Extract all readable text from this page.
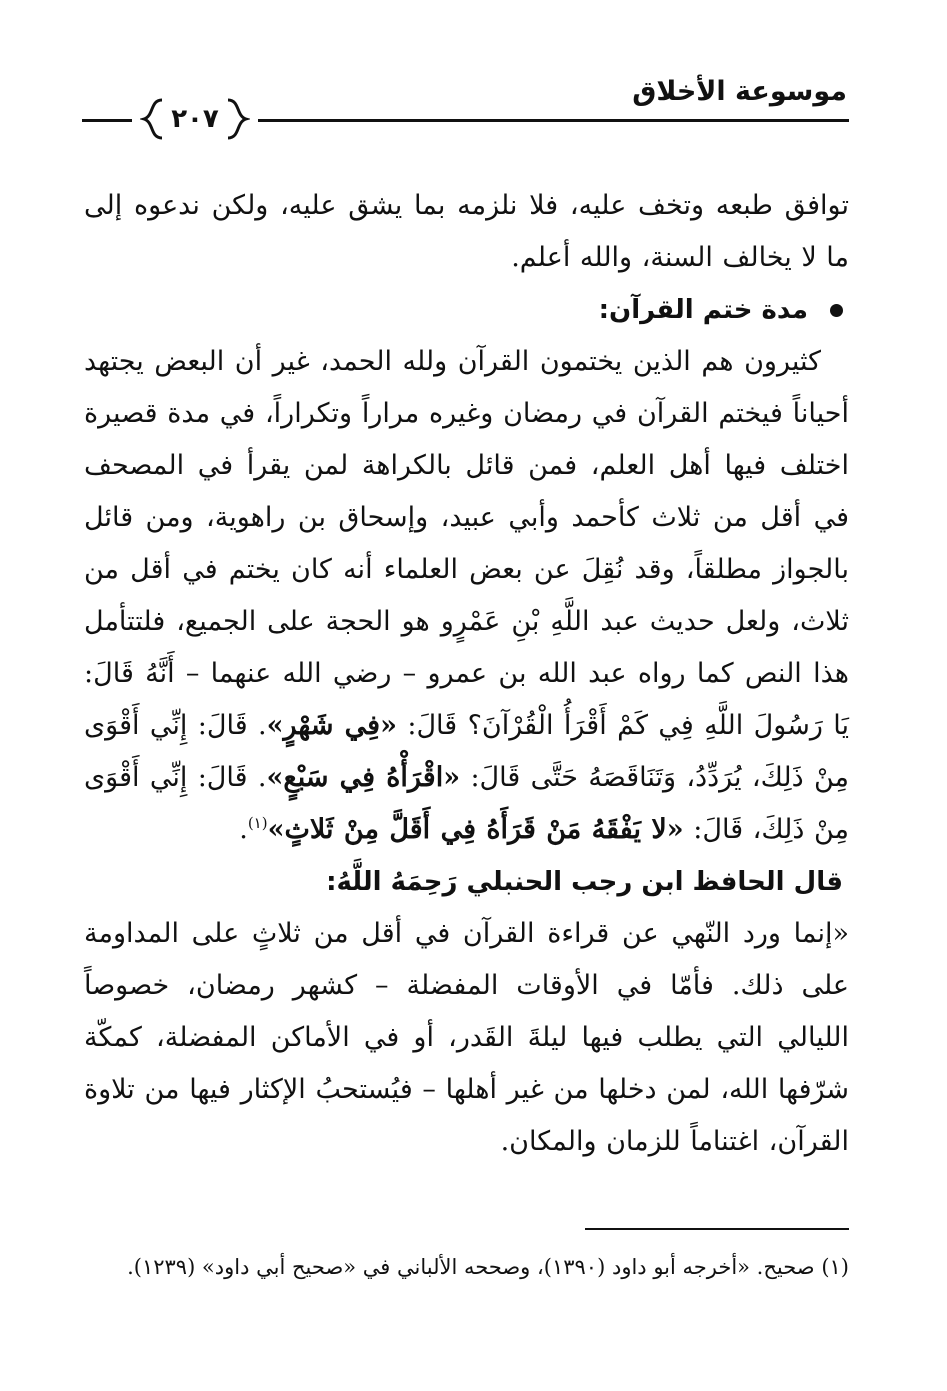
موسوعة الأخلاق
٢٠٧

توافق طبعه وتخف عليه، فلا نلزمه بما يشق عليه، ولكن ندعوه إلى ما لا يخالف السنة، والله أعلم.

مدة ختم القرآن:

كثيرون هم الذين يختمون القرآن ولله الحمد، غير أن البعض يجتهد أحياناً فيختم القرآن في رمضان وغيره مراراً وتكراراً، في مدة قصيرة اختلف فيها أهل العلم، فمن قائل بالكراهة لمن يقرأ في المصحف في أقل من ثلاث كأحمد وأبي عبيد، وإسحاق بن راهوية، ومن قائل بالجواز مطلقاً، وقد نُقِلَ عن بعض العلماء أنه كان يختم في أقل من ثلاث، ولعل حديث عبد اللَّهِ بْنِ عَمْرٍو هو الحجة على الجميع، فلتتأمل هذا النص كما رواه عبد الله بن عمرو – رضي الله عنهما – أَنَّهُ قَالَ: يَا رَسُولَ اللَّهِ فِي كَمْ أَقْرَأُ الْقُرْآنَ؟ قَالَ: «فِي شَهْرٍ». قَالَ: إِنِّي أَقْوَى مِنْ ذَلِكَ، يُرَدِّدُ، وَتَنَاقَصَهُ حَتَّى قَالَ: «اقْرَأْهُ فِي سَبْعٍ». قَالَ: إِنِّي أَقْوَى مِنْ ذَلِكَ، قَالَ: «لا يَفْقَهُ مَنْ قَرَأَهُ فِي أَقَلَّ مِنْ ثَلاثٍ»$^{(١)}$.

قال الحافظ ابن رجب الحنبلي رَحِمَهُ اللَّهُ:

«إنما ورد النّهي عن قراءة القرآن في أقل من ثلاثٍ على المداومة على ذلك. فأمّا في الأوقات المفضلة – كشهر رمضان، خصوصاً الليالي التي يطلب فيها ليلةَ القَدر، أو في الأماكن المفضلة، كمكّة شرّفها الله، لمن دخلها من غير أهلها – فيُستحبُ الإكثار فيها من تلاوة القرآن، اغتناماً للزمان والمكان.

(١) صحيح. «أخرجه أبو داود (١٣٩٠)، وصححه الألباني في «صحيح أبي داود» (١٢٣٩).
